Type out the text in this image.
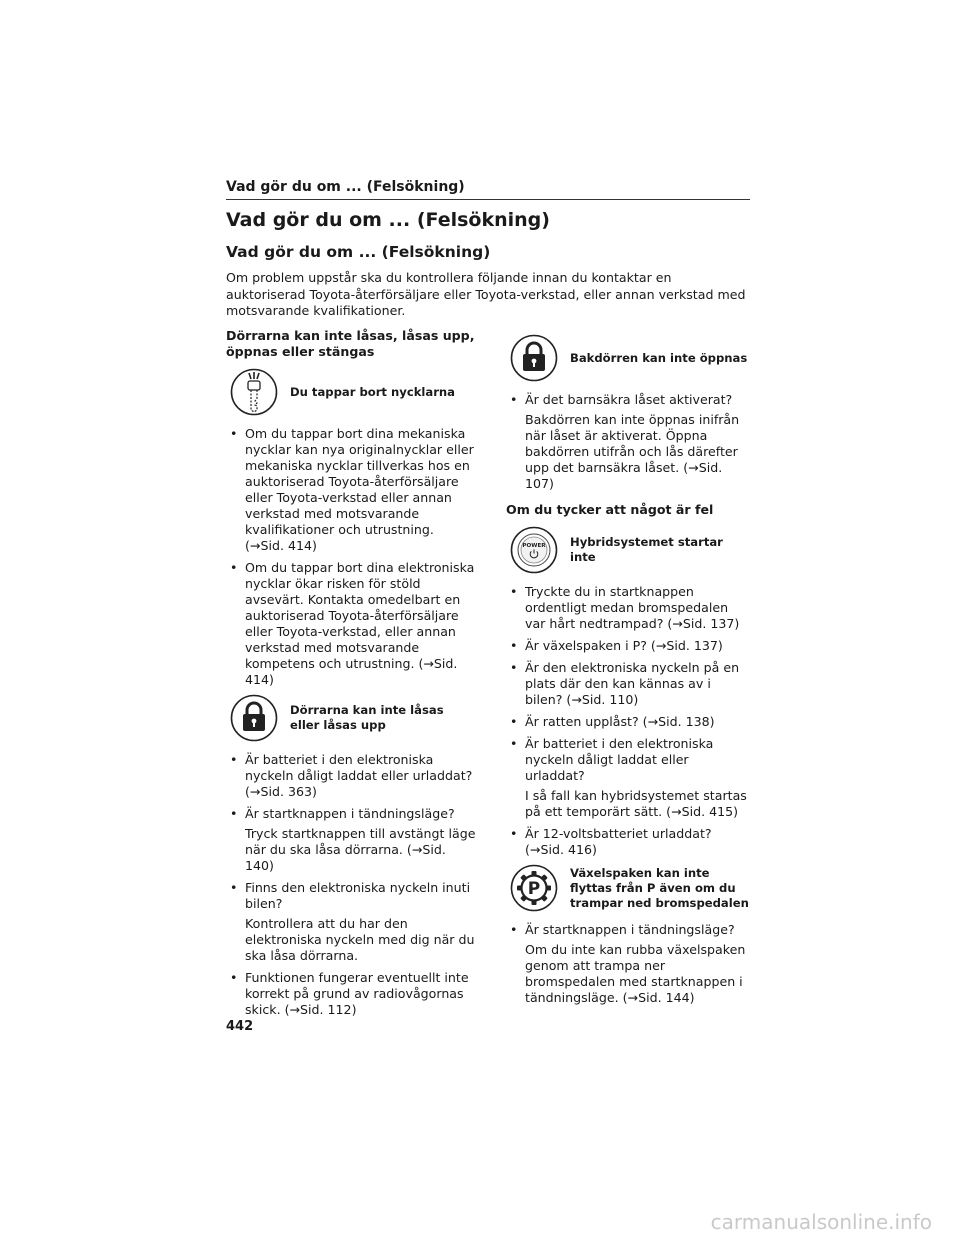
Vad gör du om ... (Felsökning)
Vad gör du om ... (Felsökning)
Vad gör du om ... (Felsökning)
Om problem uppstår ska du kontrollera följande innan du kontaktar en auktoriserad Toyota-återförsäljare eller Toyota-verkstad, eller annan verkstad med motsvarande kvalifikationer.
Dörrarna kan inte låsas, låsas upp, öppnas eller stängas
Du tappar bort nycklarna
• Om du tappar bort dina mekaniska nycklar kan nya originalnycklar eller mekaniska nycklar tillverkas hos en auktoriserad Toyota-återförsäljare eller Toyota-verkstad eller annan verkstad med motsvarande kvalifikationer och utrustning. (→Sid. 414)
• Om du tappar bort dina elektroniska nycklar ökar risken för stöld avsevärt. Kontakta omedelbart en auktoriserad Toyota-återförsäljare eller Toyota-verkstad, eller annan verkstad med motsvarande kompetens och utrustning. (→Sid. 414)
Dörrarna kan inte låsas eller låsas upp
• Är batteriet i den elektroniska nyckeln dåligt laddat eller urladdat? (→Sid. 363)
• Är startknappen i tändningsläge?
Tryck startknappen till avstängt läge när du ska låsa dörrarna. (→Sid. 140)
• Finns den elektroniska nyckeln inuti bilen?
Kontrollera att du har den elektroniska nyckeln med dig när du ska låsa dörrarna.
• Funktionen fungerar eventuellt inte korrekt på grund av radiovågornas skick. (→Sid. 112)
Bakdörren kan inte öppnas
• Är det barnsäkra låset aktiverat?
Bakdörren kan inte öppnas inifrån när låset är aktiverat. Öppna bakdörren utifrån och lås därefter upp det barnsäkra låset. (→Sid. 107)
Om du tycker att något är fel
POWER Hybridsystemet startar inte
• Tryckte du in startknappen ordentligt medan bromspedalen var hårt nedtrampad? (→Sid. 137)
• Är växelspaken i P? (→Sid. 137)
• Är den elektroniska nyckeln på en plats där den kan kännas av i bilen? (→Sid. 110)
• Är ratten upplåst? (→Sid. 138)
• Är batteriet i den elektroniska nyckeln dåligt laddat eller urladdat?
I så fall kan hybridsystemet startas på ett temporärt sätt. (→Sid. 415)
• Är 12-voltsbatteriet urladdat? (→Sid. 416)
P
Växelspaken kan inte flyttas från P även om du trampar ned bromspedalen
• Är startknappen i tändningsläge?
Om du inte kan rubba växelspaken genom att trampa ner bromspedalen med startknappen i tändningsläge. (→Sid. 144)
442
carmanualsonline.info
